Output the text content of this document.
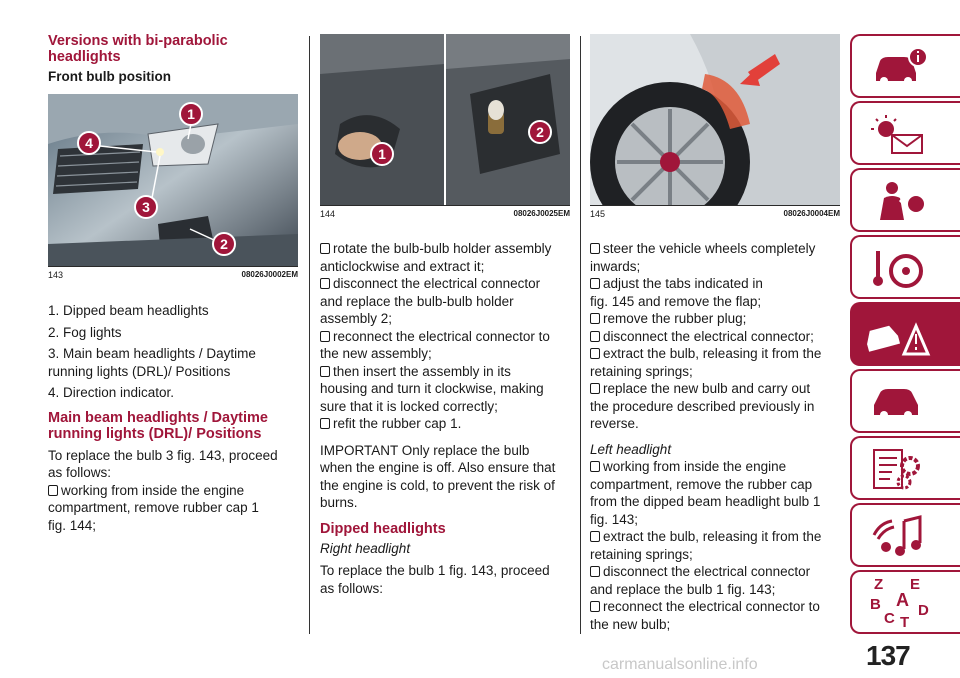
Versions with bi-parabolic
headlights
Front bulb position
1
2
3
4
143	08026J0002EM
1. Dipped beam headlights
2. Fog lights
3. Main beam headlights / Daytime
running lights (DRL)/ Positions
4. Direction indicator.
Main beam headlights / Daytime
running lights (DRL)/ Positions
To replace the bulb 3 fig. 143, proceed
as follows:
working from inside the engine
compartment, remove rubber cap 1
fig. 144;
1
2
144	08026J0025EM
rotate the bulb-bulb holder assembly
anticlockwise and extract it;
disconnect the electrical connector
and replace the bulb-bulb holder
assembly 2;
reconnect the electrical connector to
the new assembly;
then insert the assembly in its
housing and turn it clockwise, making
sure that it is locked correctly;
refit the rubber cap 1.
IMPORTANT Only replace the bulb
when the engine is off. Also ensure that
the engine is cold, to prevent the risk of
burns.
Dipped headlights
Right headlight
To replace the bulb 1 fig. 143, proceed
as follows:
145	08026J0004EM
steer the vehicle wheels completely
inwards;
adjust the tabs indicated in
fig. 145 and remove the flap;
remove the rubber plug;
disconnect the electrical connector;
extract the bulb, releasing it from the
retaining springs;
replace the new bulb and carry out
the procedure described previously in
reverse.
Left headlight
working from inside the engine
compartment, remove the rubber cap
from the dipped beam headlight bulb 1
fig. 143;
extract the bulb, releasing it from the
retaining springs;
disconnect the electrical connector
and replace the bulb 1 fig. 143;
reconnect the electrical connector to
the new bulb;
Z E
A
B
C T
D
137
carmanualsonline.info
